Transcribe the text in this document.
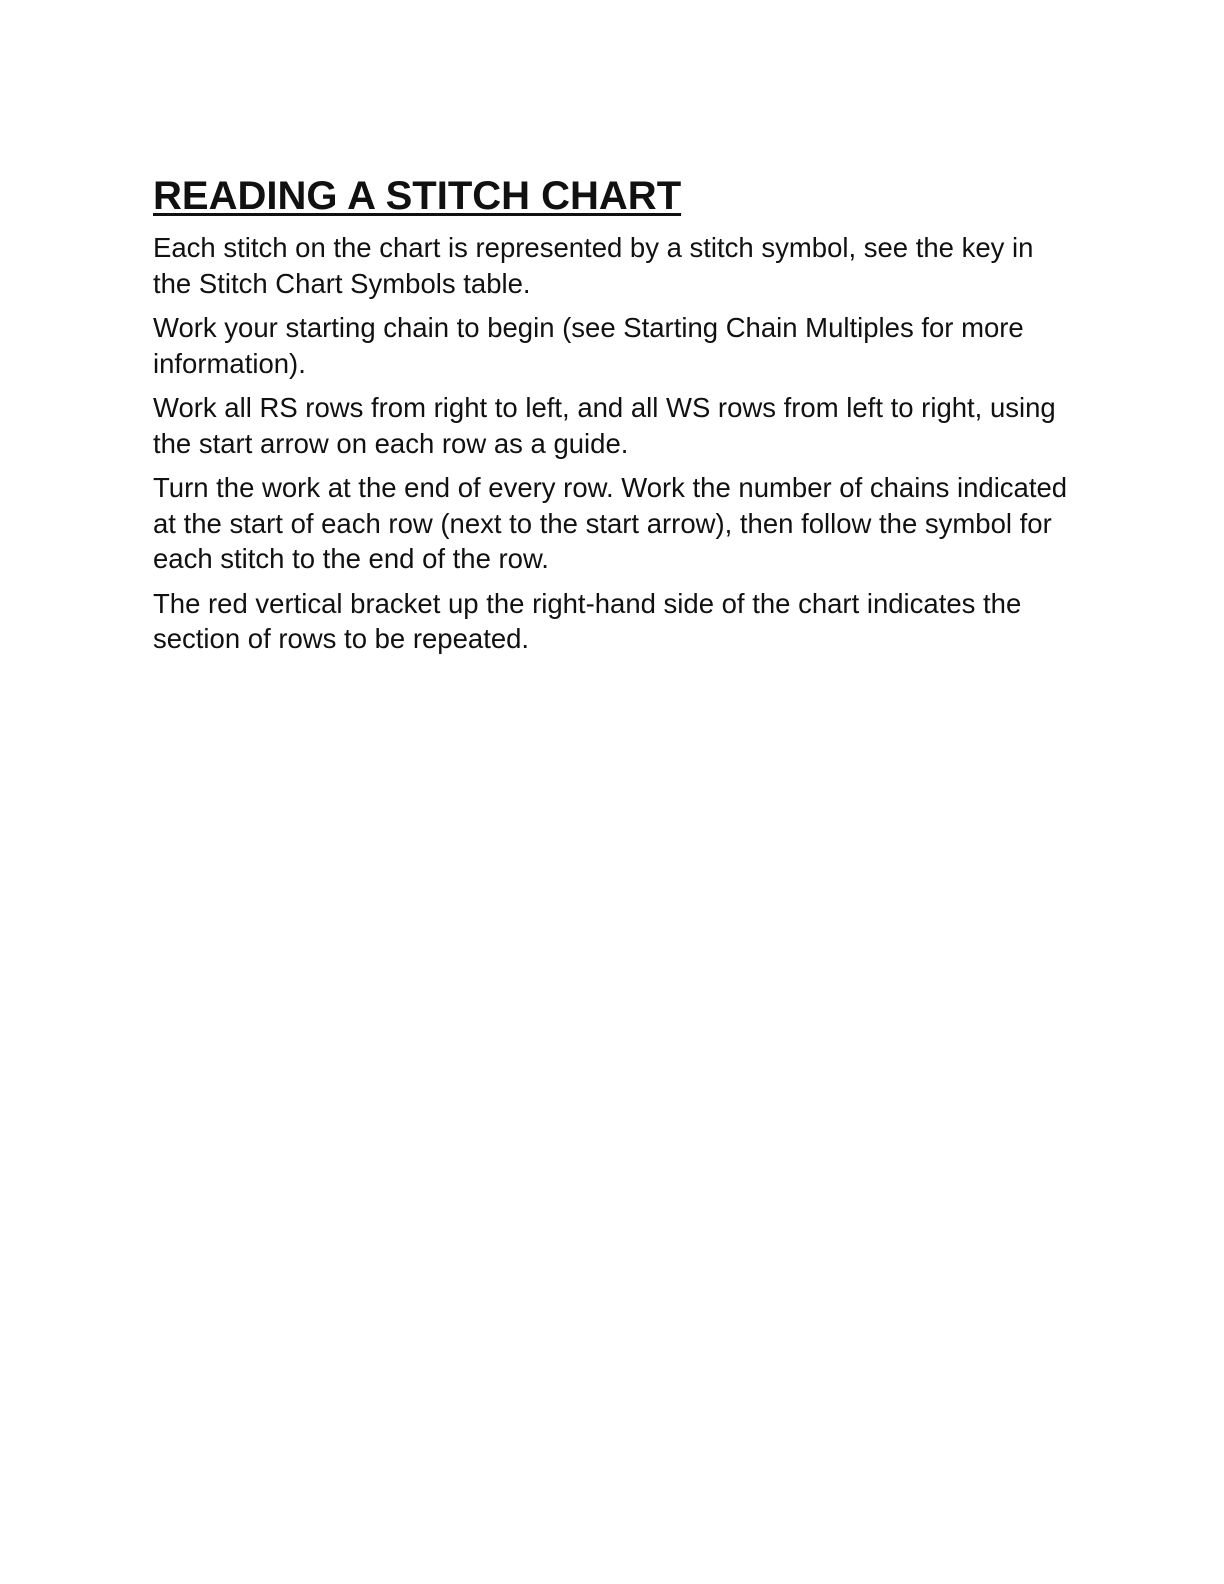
READING A STITCH CHART

Each stitch on the chart is represented by a stitch symbol, see the key in the Stitch Chart Symbols table.

Work your starting chain to begin (see Starting Chain Multiples for more information).

Work all RS rows from right to left, and all WS rows from left to right, using the start arrow on each row as a guide.

Turn the work at the end of every row. Work the number of chains indicated at the start of each row (next to the start arrow), then follow the symbol for each stitch to the end of the row.

The red vertical bracket up the right-hand side of the chart indicates the section of rows to be repeated.
